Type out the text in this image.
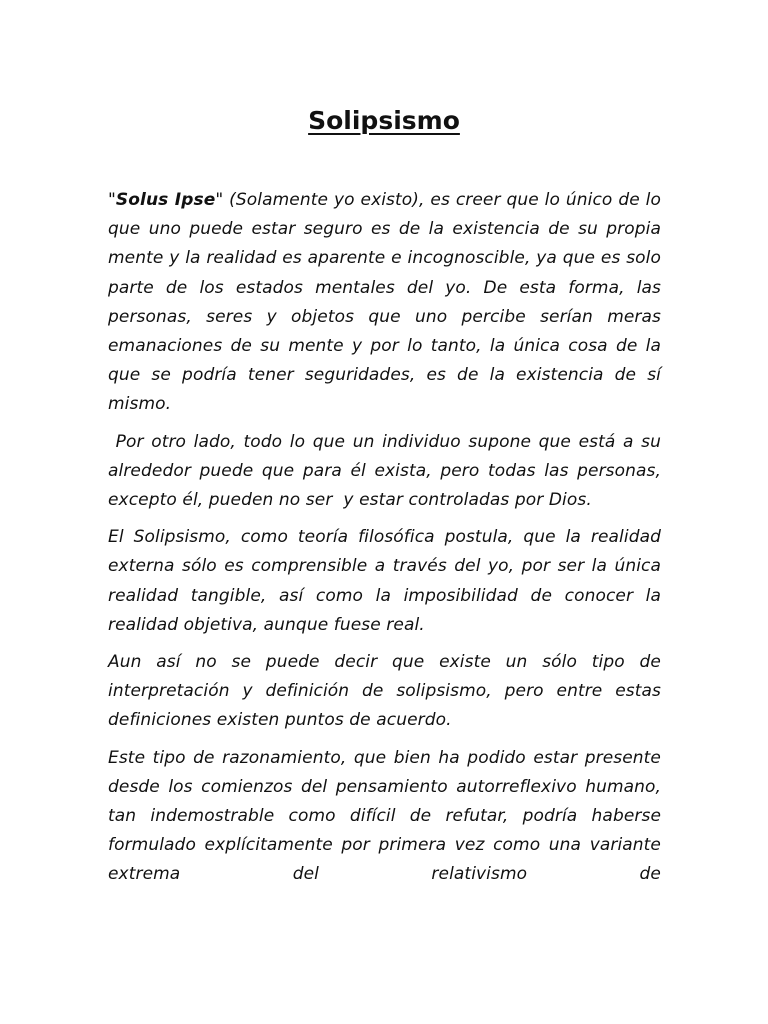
Solipsismo

"Solus Ipse" (Solamente yo existo), es creer que lo único de lo que uno puede estar seguro es de la existencia de su propia mente y la realidad es aparente e incognoscible, ya que es solo parte de los estados mentales del yo. De esta forma, las personas, seres y objetos que uno percibe serían meras emanaciones de su mente y por lo tanto, la única cosa de la que se podría tener seguridades, es de la existencia de sí mismo.

Por otro lado, todo lo que un individuo supone que está a su alrededor puede que para él exista, pero todas las personas, excepto él, pueden no ser  y estar controladas por Dios.

El Solipsismo, como teoría filosófica postula, que la realidad externa sólo es comprensible a través del yo, por ser la única realidad tangible, así como la imposibilidad de conocer la realidad objetiva, aunque fuese real.

Aun así no se puede decir que existe un sólo tipo de interpretación y definición de solipsismo, pero entre estas definiciones existen puntos de acuerdo.

Este tipo de razonamiento, que bien ha podido estar presente desde los comienzos del pensamiento autorreflexivo humano, tan indemostrable como difícil de refutar, podría haberse formulado explícitamente por primera vez como una variante extrema del relativismo de
